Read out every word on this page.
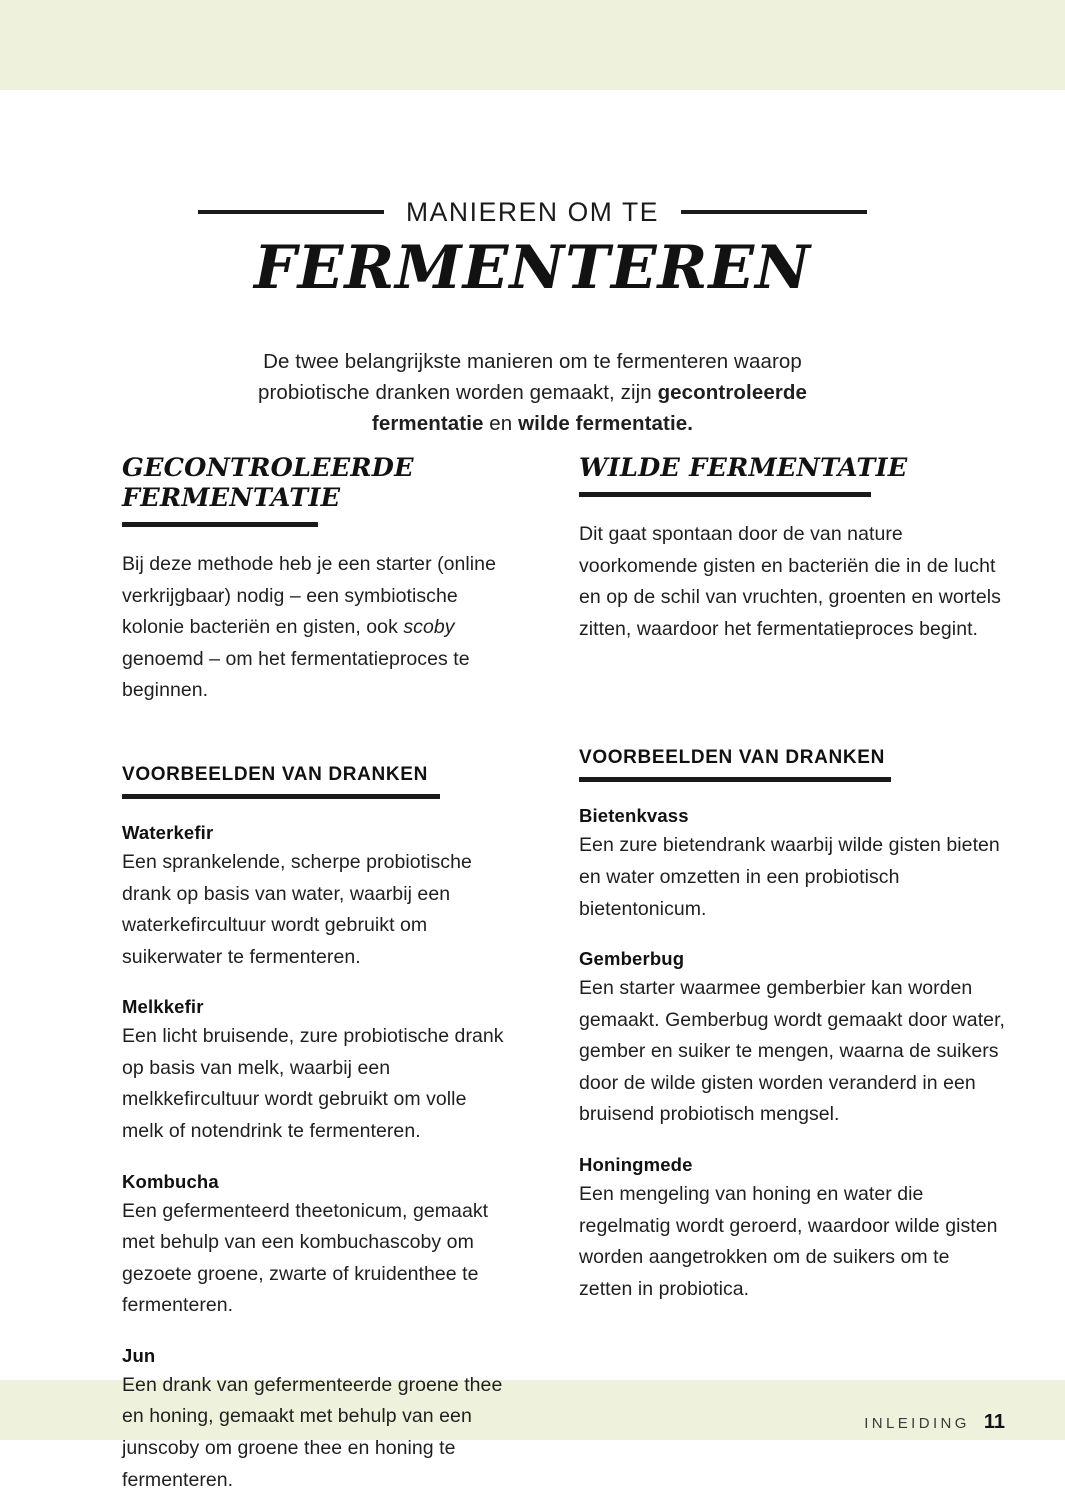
MANIEREN OM TE
FERMENTEREN

De twee belangrijkste manieren om te fermenteren waarop probiotische dranken worden gemaakt, zijn gecontroleerde fermentatie en wilde fermentatie.

GECONTROLEERDE FERMENTATIE

Bij deze methode heb je een starter (online verkrijgbaar) nodig – een symbiotische kolonie bacteriën en gisten, ook scoby genoemd – om het fermentatieproces te beginnen.

VOORBEELDEN VAN DRANKEN
Waterkefir
Een sprankelende, scherpe probiotische drank op basis van water, waarbij een waterkefircultuur wordt gebruikt om suikerwater te fermenteren.
Melkkefir
Een licht bruisende, zure probiotische drank op basis van melk, waarbij een melkkefircultuur wordt gebruikt om volle melk of notendrink te fermenteren.
Kombucha
Een gefermenteerd theetonicum, gemaakt met behulp van een kombuchascoby om gezoete groene, zwarte of kruidenthee te fermenteren.
Jun
Een drank van gefermenteerde groene thee en honing, gemaakt met behulp van een junscoby om groene thee en honing te fermenteren.
WILDE FERMENTATIE

Dit gaat spontaan door de van nature voorkomende gisten en bacteriën die in de lucht en op de schil van vruchten, groenten en wortels zitten, waardoor het fermentatieproces begint.

VOORBEELDEN VAN DRANKEN
Bietenkvass
Een zure bietendrank waarbij wilde gisten bieten en water omzetten in een probiotisch bietentonicum.
Gemberbug
Een starter waarmee gemberbier kan worden gemaakt. Gemberbug wordt gemaakt door water, gember en suiker te mengen, waarna de suikers door de wilde gisten worden veranderd in een bruisend probiotisch mengsel.
Honingmede
Een mengeling van honing en water die regelmatig wordt geroerd, waardoor wilde gisten worden aangetrokken om de suikers om te zetten in probiotica.
INLEIDING 11
